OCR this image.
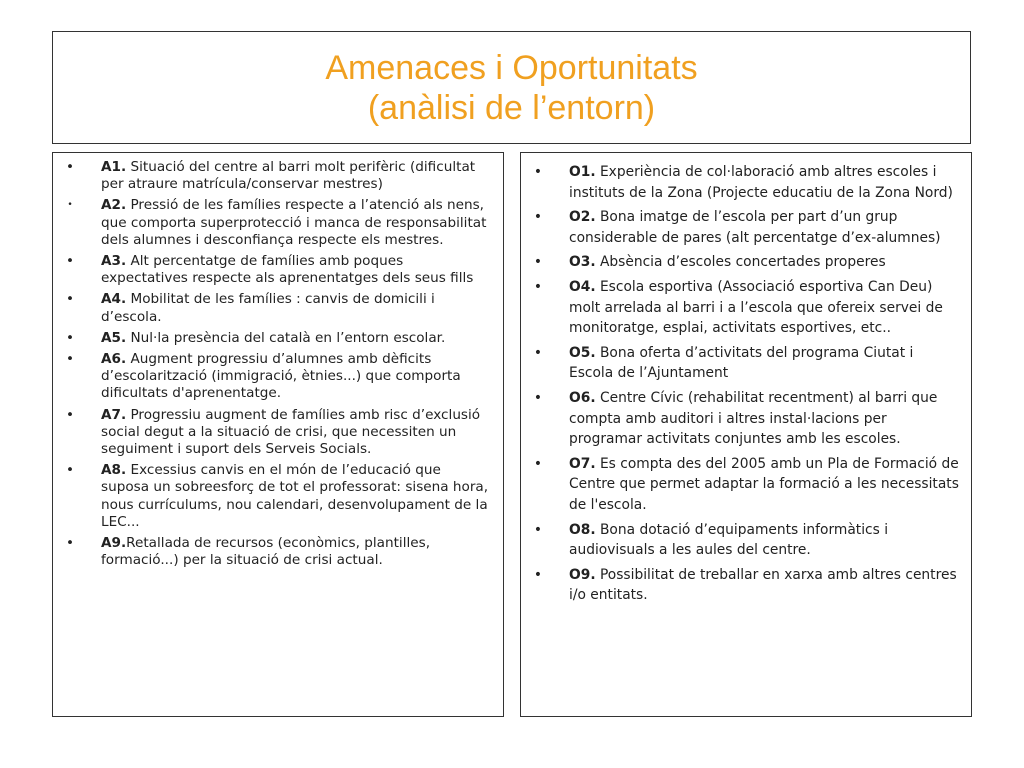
Amenaces i Oportunitats
(anàlisi de l’entorn)
• A1. Situació del centre al barri molt perifèric (dificultat per atraure matrícula/conservar mestres)
• A2. Pressió de les famílies respecte a l’atenció als nens, que comporta superprotecció i manca de responsabilitat dels alumnes i desconfiança respecte els mestres.
• A3. Alt percentatge de famílies amb poques expectatives respecte als aprenentatges dels seus fills
• A4. Mobilitat de les famílies : canvis de domicili i d’escola.
• A5. Nul·la presència del català en l’entorn escolar.
• A6. Augment progressiu d’alumnes amb dèficits d’escolarització (immigració, ètnies...) que comporta dificultats d'aprenentatge.
• A7. Progressiu augment de famílies amb risc d’exclusió social degut a la situació de crisi, que necessiten un seguiment i suport dels Serveis Socials.
• A8. Excessius canvis en el món de l’educació que suposa un sobreesforç de tot el professorat: sisena hora, nous currículums, nou calendari, desenvolupament de la LEC...
• A9.Retallada de recursos (econòmics, plantilles, formació...) per la situació de crisi actual.
• O1. Experiència de col·laboració amb altres escoles i instituts de la Zona (Projecte educatiu de la Zona Nord)
• O2. Bona imatge de l’escola per part d’un grup considerable de pares (alt percentatge d’ex-alumnes)
• O3. Absència d’escoles concertades properes
• O4. Escola esportiva (Associació esportiva Can Deu) molt arrelada al barri i a l’escola que ofereix servei de monitoratge, esplai, activitats esportives, etc..
• O5. Bona oferta d’activitats del programa Ciutat i Escola de l’Ajuntament
• O6. Centre Cívic (rehabilitat recentment) al barri que compta amb auditori i altres instal·lacions per programar activitats conjuntes amb les escoles.
• O7. Es compta des del 2005 amb un Pla de Formació de Centre que permet adaptar la formació a les necessitats de l'escola.
• O8. Bona dotació d’equipaments informàtics i audiovisuals a les aules del centre.
• O9. Possibilitat de treballar en xarxa amb altres centres i/o entitats.
